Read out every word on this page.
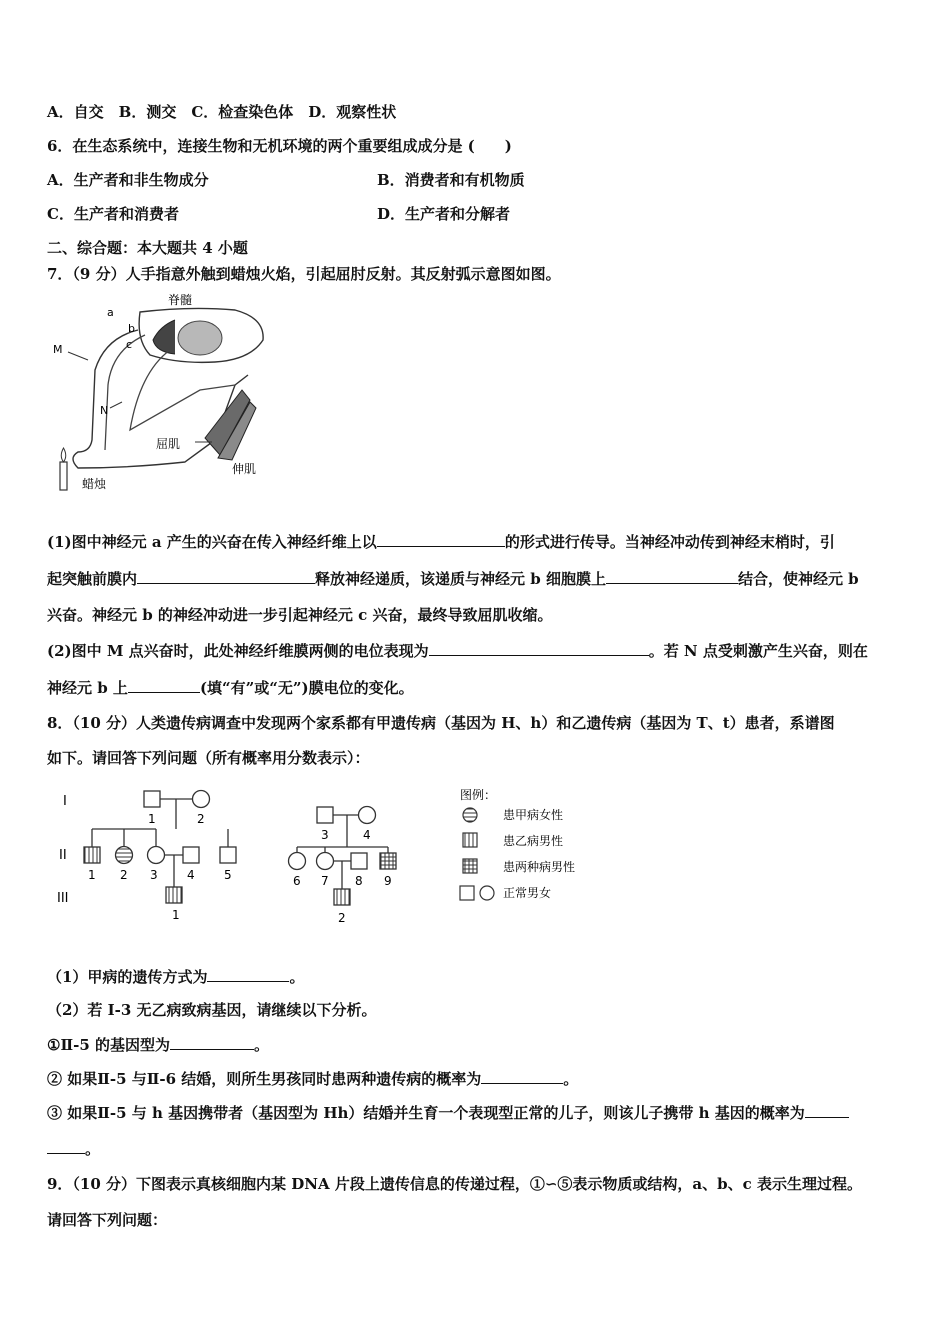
A．自交　B．测交　C．检查染色体　D．观察性状
6．在生态系统中，连接生物和无机环境的两个重要组成成分是 (　　)
A．生产者和非生物成分	B．消费者和有机物质
C．生产者和消费者	D．生产者和分解者
二、综合题：本大题共 4 小题
7．（9 分）人手指意外触到蜡烛火焰，引起屈肘反射。其反射弧示意图如图。
脊髓
a
b
c
M
N
屈肌
伸肌
蜡烛
(1)图中神经元 a 产生的兴奋在传入神经纤维上以	的形式进行传导。当神经冲动传到神经末梢时，引
起突触前膜内	释放神经递质，该递质与神经元 b 细胞膜上	结合，使神经元 b
兴奋。神经元 b 的神经冲动进一步引起神经元 c 兴奋，最终导致屈肌收缩。
(2)图中 M 点兴奋时，此处神经纤维膜两侧的电位表现为	。若 N 点受刺激产生兴奋，则在
神经元 b 上	(填“有”或“无”)膜电位的变化。
8．（10 分）人类遗传病调查中发现两个家系都有甲遗传病（基因为 H、h）和乙遗传病（基因为 T、t）患者，系谱图
如下。请回答下列问题（所有概率用分数表示）：
I
II
III
1	2
1 2 3 4 5
1
3	4
6 7 8 9
2
图例：
患甲病女性
患乙病男性
患两种病男性
正常男女
（1）甲病的遗传方式为	。
（2）若 I-3 无乙病致病基因，请继续以下分析。
①Ⅱ-5 的基因型为	。
② 如果Ⅱ-5 与Ⅱ-6 结婚，则所生男孩同时患两种遗传病的概率为	。
③ 如果Ⅱ-5 与 h 基因携带者（基因型为 Hh）结婚并生育一个表现型正常的儿子，则该儿子携带 h 基因的概率为
。
9．（10 分）下图表示真核细胞内某 DNA 片段上遗传信息的传递过程，①∽⑤表示物质或结构，a、b、c 表示生理过程。
请回答下列问题：
